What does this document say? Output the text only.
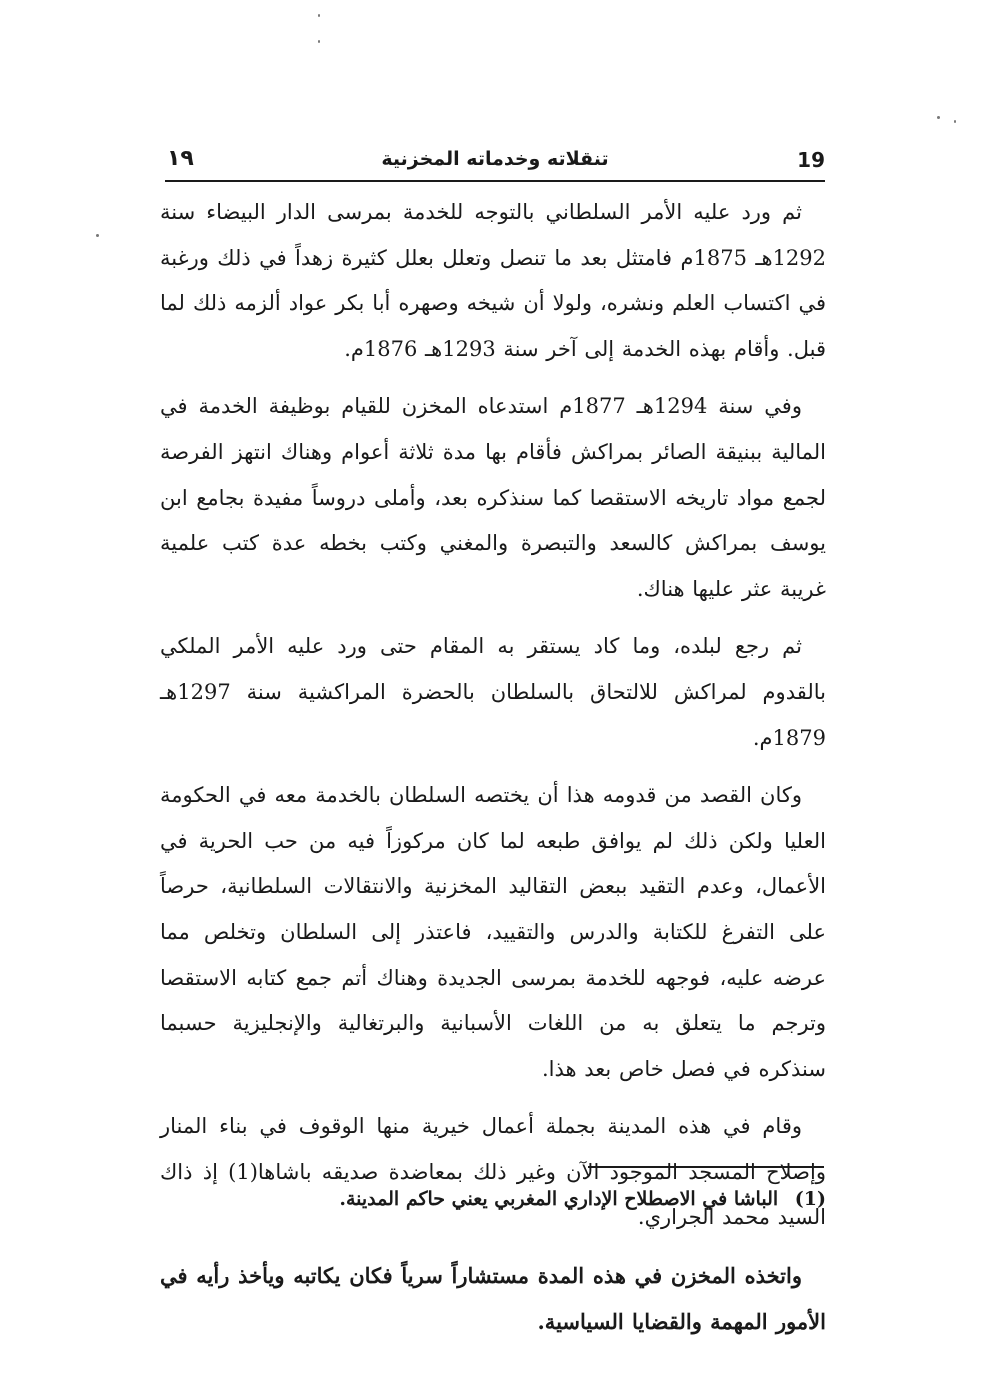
19
تنقلاته وخدماته المخزنية
١٩

ثم ورد عليه الأمر السلطاني بالتوجه للخدمة بمرسى الدار البيضاء سنة 1292هـ 1875م فامتثل بعد ما تنصل وتعلل بعلل كثيرة زهداً في ذلك ورغبة في اكتساب العلم ونشره، ولولا أن شيخه وصهره أبا بكر عواد ألزمه ذلك لما قبل. وأقام بهذه الخدمة إلى آخر سنة 1293هـ 1876م.

وفي سنة 1294هـ 1877م استدعاه المخزن للقيام بوظيفة الخدمة في المالية ببنيقة الصائر بمراكش فأقام بها مدة ثلاثة أعوام وهناك انتهز الفرصة لجمع مواد تاريخه الاستقصا كما سنذكره بعد، وأملى دروساً مفيدة بجامع ابن يوسف بمراكش كالسعد والتبصرة والمغني وكتب بخطه عدة كتب علمية غريبة عثر عليها هناك.

ثم رجع لبلده، وما كاد يستقر به المقام حتى ورد عليه الأمر الملكي بالقدوم لمراكش للالتحاق بالسلطان بالحضرة المراكشية سنة 1297هـ 1879م.

وكان القصد من قدومه هذا أن يختصه السلطان بالخدمة معه في الحكومة العليا ولكن ذلك لم يوافق طبعه لما كان مركوزاً فيه من حب الحرية في الأعمال، وعدم التقيد ببعض التقاليد المخزنية والانتقالات السلطانية، حرصاً على التفرغ للكتابة والدرس والتقييد، فاعتذر إلى السلطان وتخلص مما عرضه عليه، فوجهه للخدمة بمرسى الجديدة وهناك أتم جمع كتابه الاستقصا وترجم ما يتعلق به من اللغات الأسبانية والبرتغالية والإنجليزية حسبما سنذكره في فصل خاص بعد هذا.

وقام في هذه المدينة بجملة أعمال خيرية منها الوقوف في بناء المنار وإصلاح المسجد الموجود الآن وغير ذلك بمعاضدة صديقه باشاها(1) إذ ذاك السيد محمد الجراري.

واتخذه المخزن في هذه المدة مستشاراً سرياً فكان يكاتبه ويأخذ رأيه في الأمور المهمة والقضايا السياسية.

(1) الباشا في الاصطلاح الإداري المغربي يعني حاكم المدينة.
